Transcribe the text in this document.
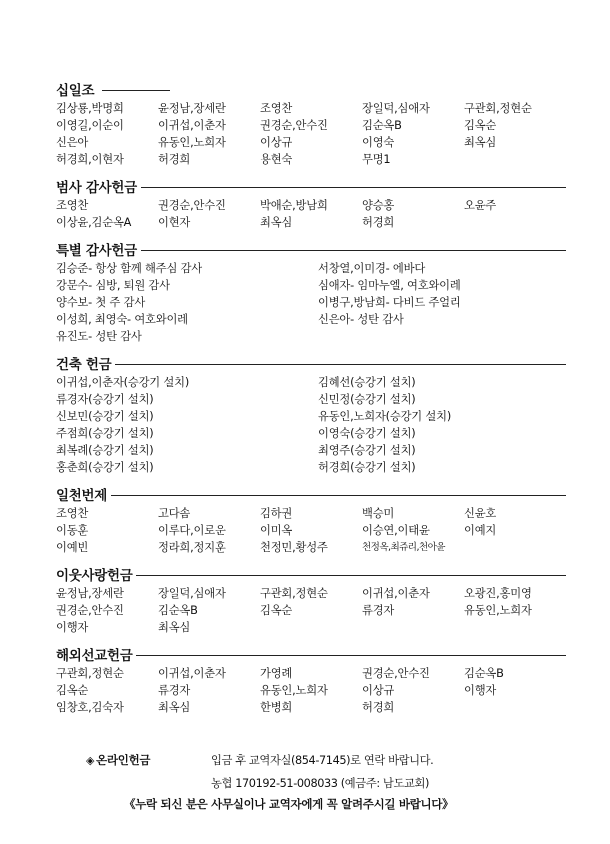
십일조
김상룡,박명희	윤정남,장세란	조영찬	장일덕,심애자	구관회,정현순
이영길,이순이	이귀섭,이춘자	권경순,안수진	김순옥B	김옥순
신은아	유동인,노희자	이상규	이영숙	최옥심
허경희,이현자	허경희	용현숙	무명1
범사 감사헌금
조영찬	권경순,안수진	박애순,방남희	양승홍	오윤주
이상윤,김순옥A	이현자	최옥심	허경희
특별 감사헌금
김승준- 항상 함께 해주심 감사	서창열,이미경- 에바다
강문수- 심방, 퇴원 감사	심애자- 임마누엘, 여호와이레
양수보- 첫 주 감사	이병구,방남희- 다비드 주얼리
이성희, 최영숙- 여호와이레	신은아- 성탄 감사
유진도- 성탄 감사
건축 헌금
이귀섭,이춘자(승강기 설치)	김혜선(승강기 설치)
류경자(승강기 설치)	신민정(승강기 설치)
신보민(승강기 설치)	유동인,노희자(승강기 설치)
주점희(승강기 설치)	이영숙(승강기 설치)
최복례(승강기 설치)	최영주(승강기 설치)
홍춘희(승강기 설치)	허경희(승강기 설치)
일천번제
조영찬	고다솜	김하권	백승미	신윤호
이동훈	이루다,이로운	이미옥	이승연,이태윤	이예지
이예빈	정라희,정지훈	천정민,황성주	천정옥,최쥬리,천아윤
이웃사랑헌금
윤정남,장세란	장일덕,심애자	구관회,정현순	이귀섭,이춘자	오광진,홍미영
권경순,안수진	김순옥B	김옥순	류경자	유동인,노희자
이행자	최옥심
해외선교헌금
구관회,정현순	이귀섭,이춘자	가영례	권경순,안수진	김순옥B
김옥순	류경자	유동인,노희자	이상규	이행자
임창호,김숙자	최옥심	한병희	허경희
◈ 온라인헌금	입금 후 교역자실(854-7145)로 연락 바랍니다.
농협 170192-51-008033 (예금주: 남도교회)
《누락 되신 분은 사무실이나 교역자에게 꼭 알려주시길 바랍니다》
